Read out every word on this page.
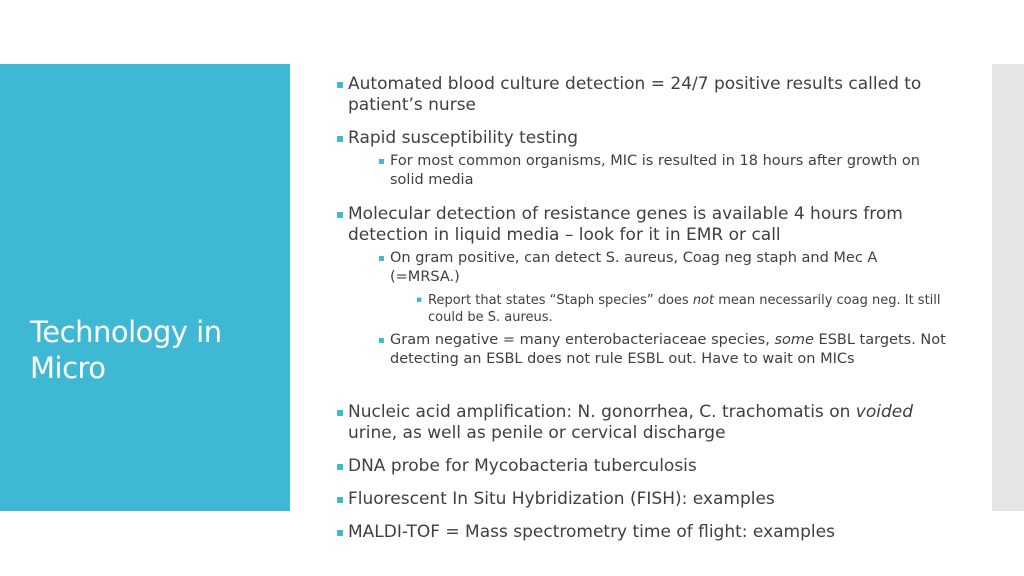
Technology in Micro

▪ Automated blood culture detection = 24/7 positive results called to patient’s nurse

▪ Rapid susceptibility testing

▪ For most common organisms, MIC is resulted in 18 hours after growth on solid media

▪ Molecular detection of resistance genes is available 4 hours from detection in liquid media – look for it in EMR or call

▪ On gram positive, can detect S. aureus, Coag neg staph and Mec A (=MRSA.)

▪ Report that states “Staph species” does not mean necessarily coag neg. It still could be S. aureus.

▪ Gram negative = many enterobacteriaceae species, some ESBL targets. Not detecting an ESBL does not rule ESBL out. Have to wait on MICs

▪ Nucleic acid amplification: N. gonorrhea, C. trachomatis on voided urine, as well as penile or cervical discharge

▪ DNA probe for Mycobacteria tuberculosis

▪ Fluorescent In Situ Hybridization (FISH): examples

▪ MALDI-TOF = Mass spectrometry time of flight: examples
